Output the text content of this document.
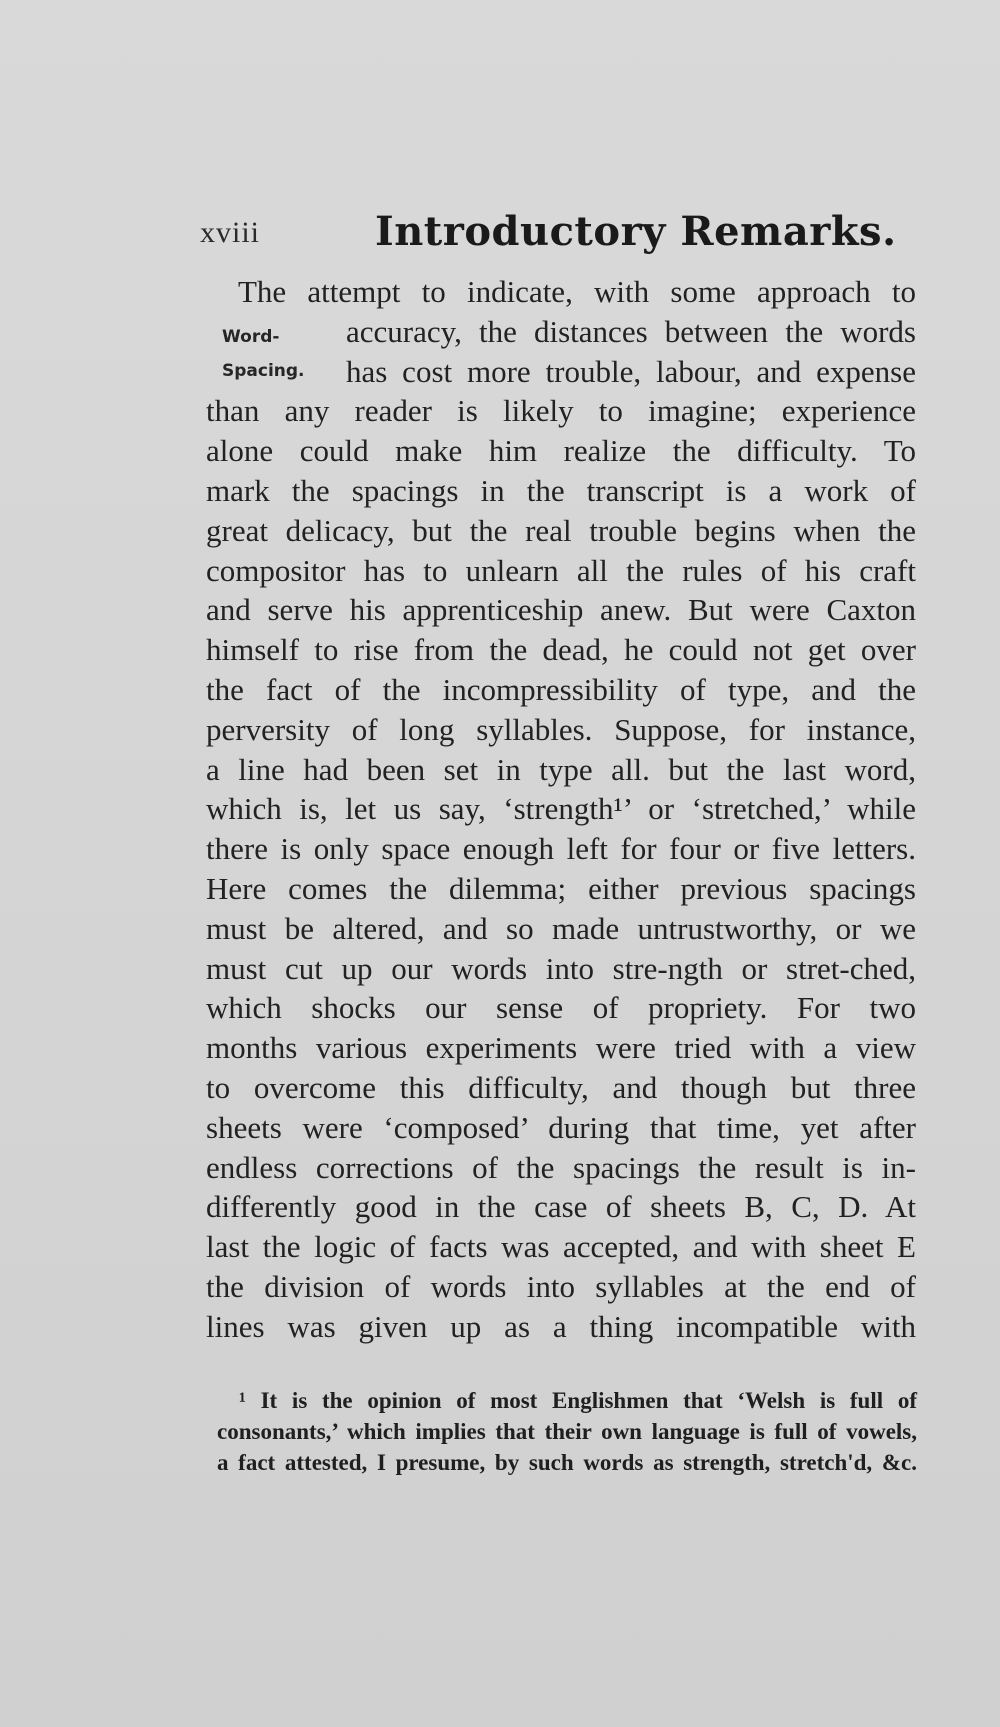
xviii	Introductory Remarks.
Word-
Spacing.
The attempt to indicate, with some approach to
accuracy, the distances between the words
has cost more trouble, labour, and expense
than any reader is likely to imagine; experience
alone could make him realize the difficulty. To
mark the spacings in the transcript is a work of
great delicacy, but the real trouble begins when the
compositor has to unlearn all the rules of his craft
and serve his apprenticeship anew. But were Caxton
himself to rise from the dead, he could not get over
the fact of the incompressibility of type, and the
perversity of long syllables. Suppose, for instance,
a line had been set in type all. but the last word,
which is, let us say, ‘strength¹’ or ‘stretched,’ while
there is only space enough left for four or five letters.
Here comes the dilemma; either previous spacings
must be altered, and so made untrustworthy, or we
must cut up our words into stre-ngth or stret-ched,
which shocks our sense of propriety. For two
months various experiments were tried with a view
to overcome this difficulty, and though but three
sheets were ‘composed’ during that time, yet after
endless corrections of the spacings the result is in-
differently good in the case of sheets B, C, D. At
last the logic of facts was accepted, and with sheet E
the division of words into syllables at the end of
lines was given up as a thing incompatible with
¹ It is the opinion of most Englishmen that ‘Welsh is full of
consonants,’ which implies that their own language is full of vowels,
a fact attested, I presume, by such words as strength, stretch'd, &c.
